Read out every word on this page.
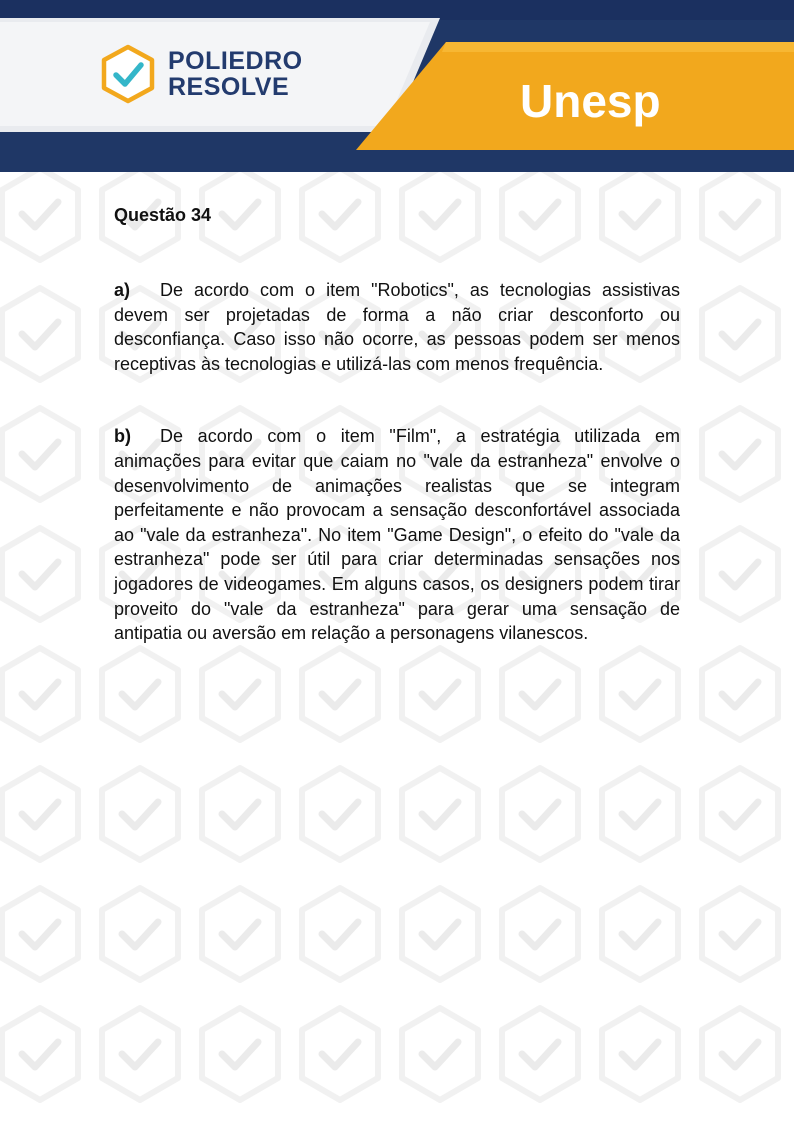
POLIEDRO
RESOLVE	Unesp

Questão 34

a) De acordo com o item "Robotics", as tecnologias assistivas devem ser projetadas de forma a não criar desconforto ou desconfiança. Caso isso não ocorre, as pessoas podem ser menos receptivas às tecnologias e utilizá-las com menos frequência.

b) De acordo com o item "Film", a estratégia utilizada em animações para evitar que caiam no "vale da estranheza" envolve o desenvolvimento de animações realistas que se integram perfeitamente e não provocam a sensação desconfortável associada ao "vale da estranheza". No item "Game Design", o efeito do "vale da estranheza" pode ser útil para criar determinadas sensações nos jogadores de videogames. Em alguns casos, os designers podem tirar proveito do "vale da estranheza" para gerar uma sensação de antipatia ou aversão em relação a personagens vilanescos.
